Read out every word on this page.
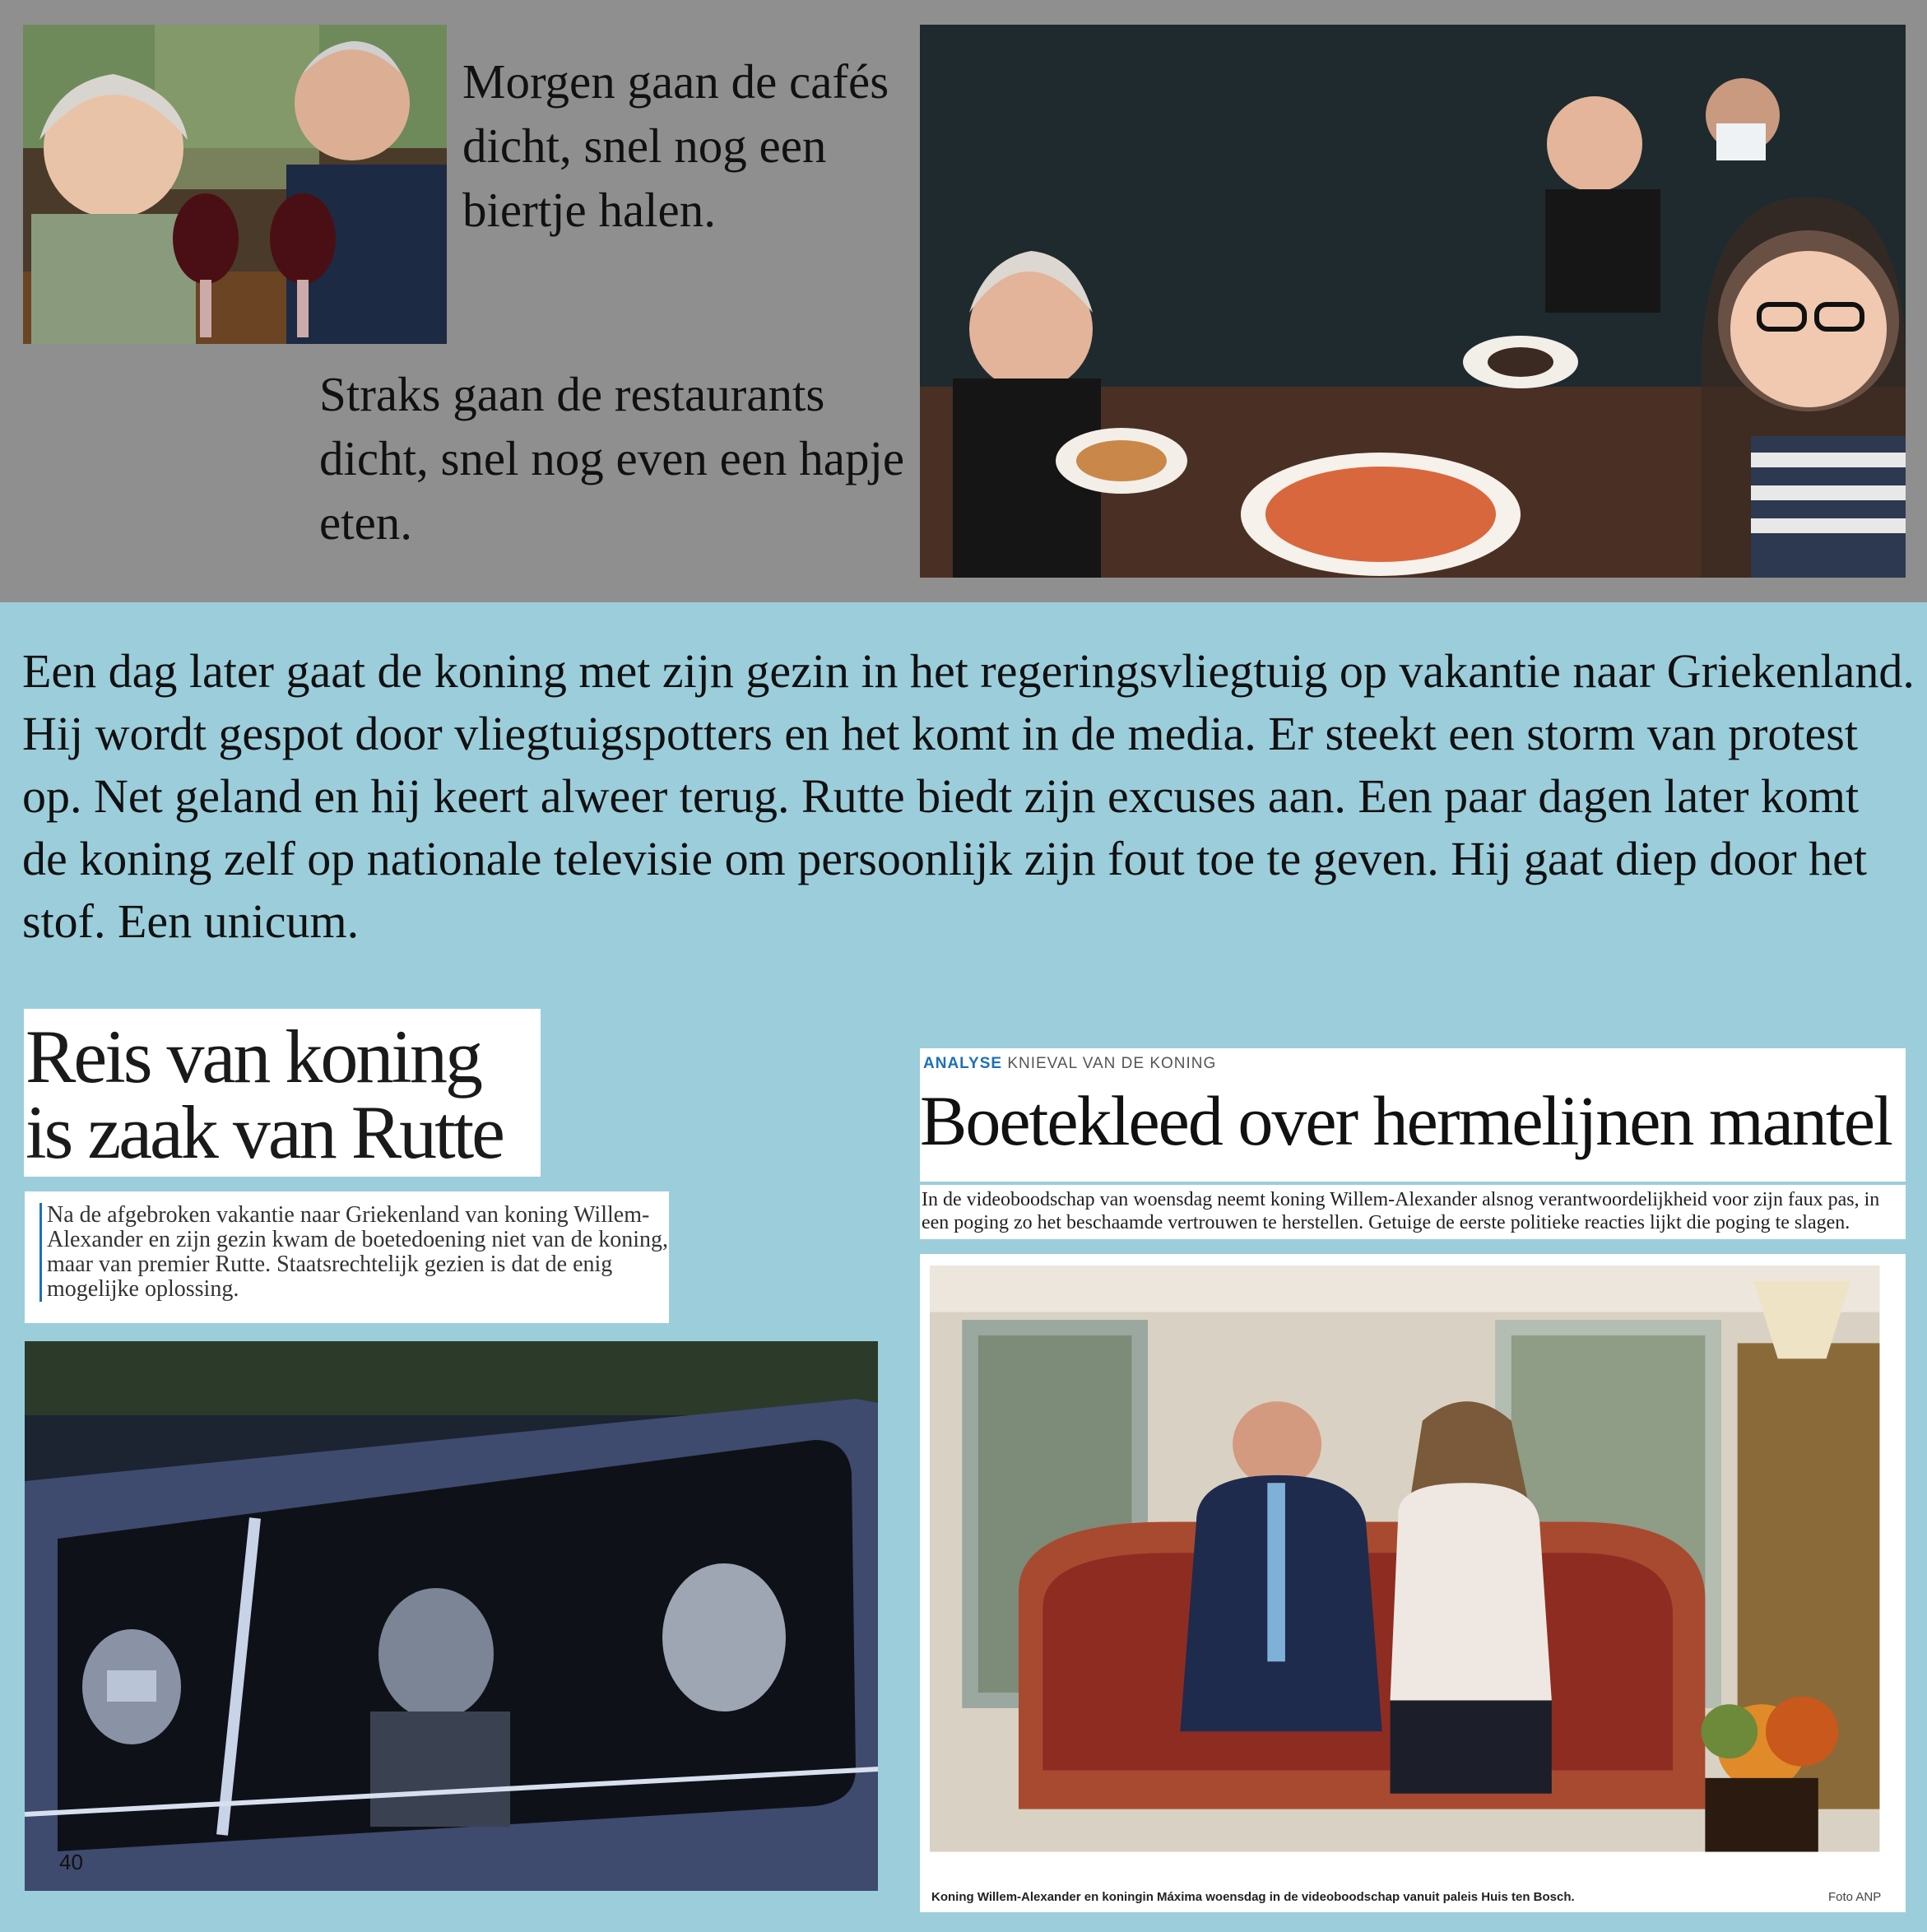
Morgen gaan de cafés dicht, snel nog een biertje halen.
Straks gaan de restaurants dicht, snel nog even een hapje eten.
Een dag later gaat de koning met zijn gezin in het regeringsvliegtuig op vakantie naar Griekenland. Hij wordt gespot door vliegtuigspotters en het komt in de media. Er steekt een storm van protest op. Net geland en hij keert alweer terug. Rutte biedt zijn excuses aan. Een paar dagen later komt de koning zelf op nationale televisie om persoonlijk zijn fout toe te geven. Hij gaat diep door het stof. Een unicum.
Reis van koning
is zaak van Rutte
Na de afgebroken vakantie naar Griekenland van koning Willem-Alexander en zijn gezin kwam de boetedoening niet van de koning, maar van premier Rutte. Staatsrechtelijk gezien is dat de enig mogelijke oplossing.
40
ANALYSE KNIEVAL VAN DE KONING
Boetekleed over hermelijnen mantel
In de videoboodschap van woensdag neemt koning Willem-Alexander alsnog verantwoordelijkheid voor zijn faux pas, in een poging zo het beschaamde vertrouwen te herstellen. Getuige de eerste politieke reacties lijkt die poging te slagen.
Koning Willem-Alexander en koningin Máxima woensdag in de videoboodschap vanuit paleis Huis ten Bosch.	Foto ANP
